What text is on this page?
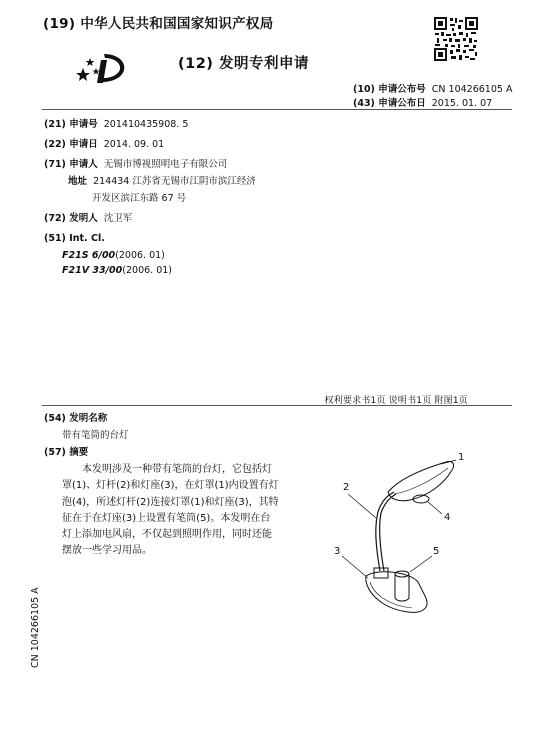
(19) 中华人民共和国国家知识产权局
(12) 发明专利申请
(10) 申请公布号 CN 104266105 A
(43) 申请公布日 2015. 01. 07
(21) 申请号 201410435908. 5
(22) 申请日 2014. 09. 01
(71) 申请人 无锡市博视照明电子有限公司
地址 214434 江苏省无锡市江阴市滨江经济
开发区滨江东路 67 号
(72) 发明人 沈卫军
(51) Int. Cl.
F21S 6/00(2006. 01)
F21V 33/00(2006. 01)
权利要求书1页 说明书1页 附图1页
(54) 发明名称
带有笔筒的台灯
(57) 摘要

本发明涉及一种带有笔筒的台灯，它包括灯罩(1)、灯杆(2)和灯座(3)，在灯罩(1)内设置有灯泡(4)，所述灯杆(2)连接灯罩(1)和灯座(3)，其特征在于在灯座(3)上设置有笔筒(5)。本发明在台灯上添加电风扇，不仅起到照明作用，同时还能摆放一些学习用品。

1
2
3
4
5
CN 104266105 A
